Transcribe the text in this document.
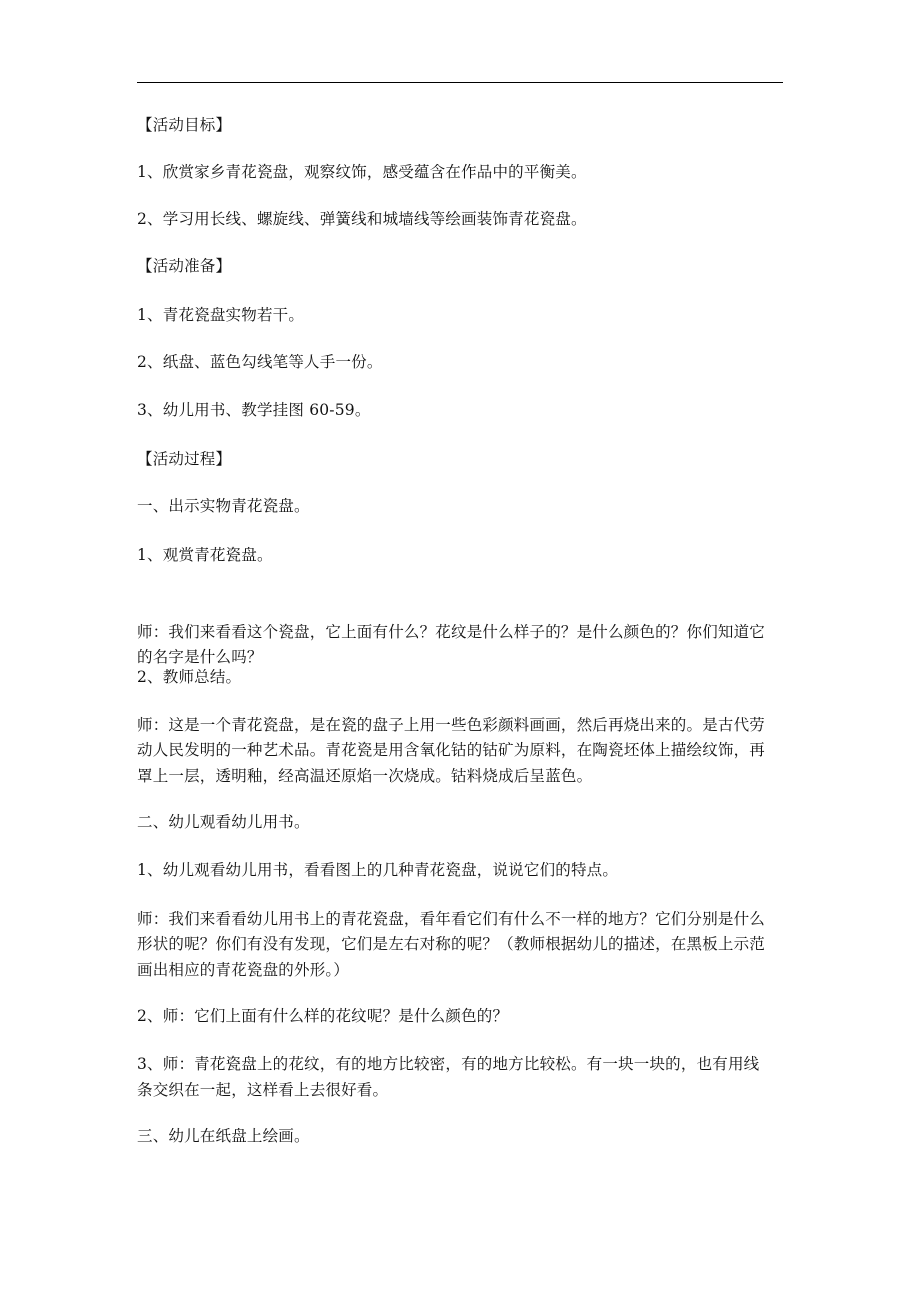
【活动目标】
1、欣赏家乡青花瓷盘，观察纹饰，感受蕴含在作品中的平衡美。
2、学习用长线、螺旋线、弹簧线和城墙线等绘画装饰青花瓷盘。
【活动准备】
1、青花瓷盘实物若干。
2、纸盘、蓝色勾线笔等人手一份。
3、幼儿用书、教学挂图 60-59。
【活动过程】
一、出示实物青花瓷盘。
1、观赏青花瓷盘。
师：我们来看看这个瓷盘，它上面有什么？花纹是什么样子的？是什么颜色的？你们知道它
的名字是什么吗？
2、教师总结。
师：这是一个青花瓷盘，是在瓷的盘子上用一些色彩颜料画画，然后再烧出来的。是古代劳
动人民发明的一种艺术品。青花瓷是用含氧化钴的钴矿为原料，在陶瓷坯体上描绘纹饰，再
罩上一层，透明釉，经高温还原焰一次烧成。钴料烧成后呈蓝色。
二、幼儿观看幼儿用书。
1、幼儿观看幼儿用书，看看图上的几种青花瓷盘，说说它们的特点。
师：我们来看看幼儿用书上的青花瓷盘，看年看它们有什么不一样的地方？它们分别是什么
形状的呢？你们有没有发现，它们是左右对称的呢？（教师根据幼儿的描述，在黑板上示范
画出相应的青花瓷盘的外形。）
2、师：它们上面有什么样的花纹呢？是什么颜色的？
3、师：青花瓷盘上的花纹，有的地方比较密，有的地方比较松。有一块一块的，也有用线
条交织在一起，这样看上去很好看。
三、幼儿在纸盘上绘画。
